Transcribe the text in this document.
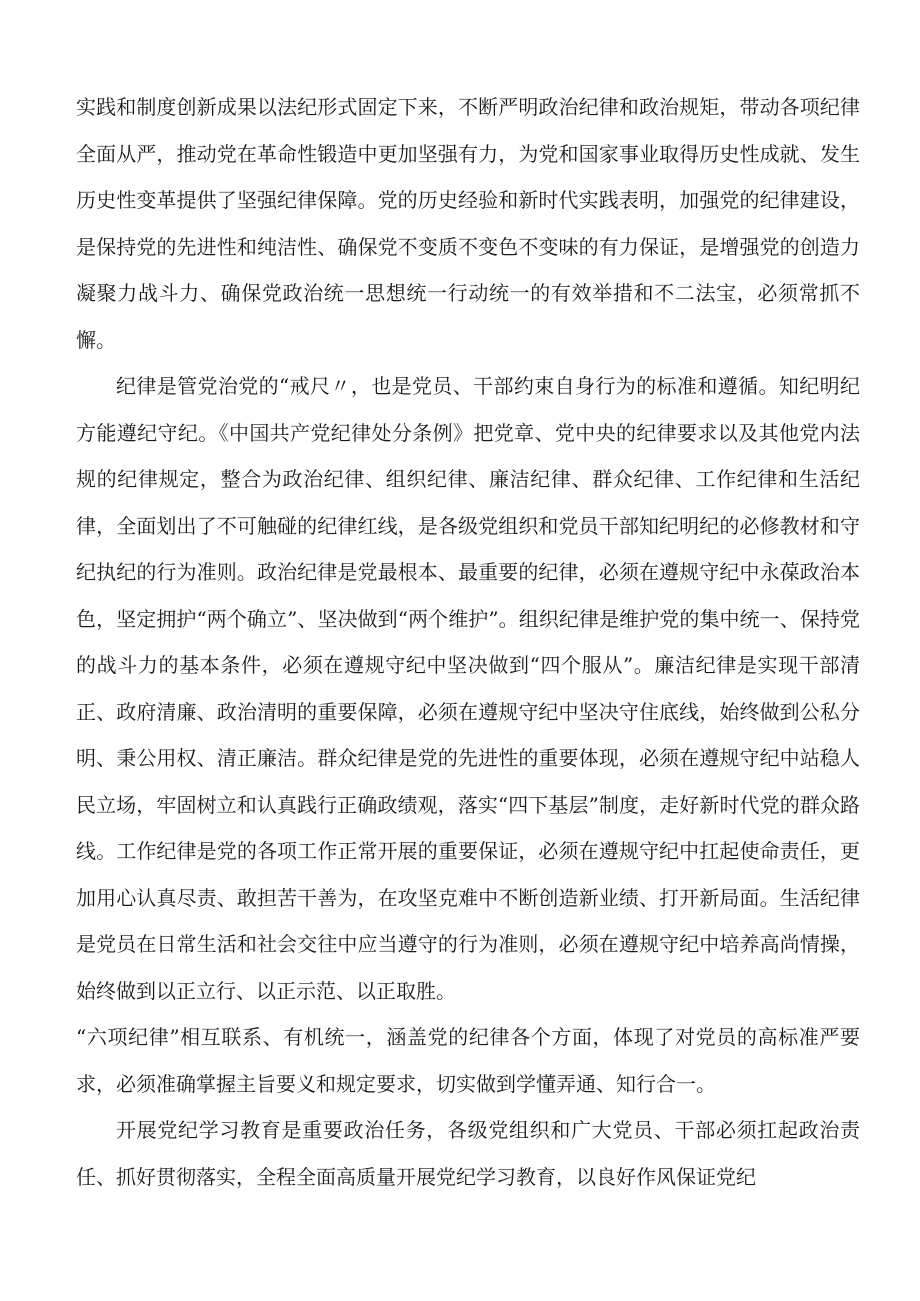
实践和制度创新成果以法纪形式固定下来，不断严明政治纪律和政治规矩，带动各项纪律全面从严，推动党在革命性锻造中更加坚强有力，为党和国家事业取得历史性成就、发生历史性变革提供了坚强纪律保障。党的历史经验和新时代实践表明，加强党的纪律建设，是保持党的先进性和纯洁性、确保党不变质不变色不变味的有力保证，是增强党的创造力凝聚力战斗力、确保党政治统一思想统一行动统一的有效举措和不二法宝，必须常抓不懈。

纪律是管党治党的“戒尺〃，也是党员、干部约束自身行为的标准和遵循。知纪明纪方能遵纪守纪。《中国共产党纪律处分条例》把党章、党中央的纪律要求以及其他党内法规的纪律规定，整合为政治纪律、组织纪律、廉洁纪律、群众纪律、工作纪律和生活纪律，全面划出了不可触碰的纪律红线，是各级党组织和党员干部知纪明纪的必修教材和守纪执纪的行为准则。政治纪律是党最根本、最重要的纪律，必须在遵规守纪中永葆政治本色，坚定拥护“两个确立”、坚决做到“两个维护”。组织纪律是维护党的集中统一、保持党的战斗力的基本条件，必须在遵规守纪中坚决做到“四个服从”。廉洁纪律是实现干部清正、政府清廉、政治清明的重要保障，必须在遵规守纪中坚决守住底线，始终做到公私分明、秉公用权、清正廉洁。群众纪律是党的先进性的重要体现，必须在遵规守纪中站稳人民立场，牢固树立和认真践行正确政绩观，落实“四下基层”制度，走好新时代党的群众路线。工作纪律是党的各项工作正常开展的重要保证，必须在遵规守纪中扛起使命责任，更加用心认真尽责、敢担苦干善为，在攻坚克难中不断创造新业绩、打开新局面。生活纪律是党员在日常生活和社会交往中应当遵守的行为准则，必须在遵规守纪中培养高尚情操，始终做到以正立行、以正示范、以正取胜。

“六项纪律”相互联系、有机统一，涵盖党的纪律各个方面，体现了对党员的高标准严要求，必须准确掌握主旨要义和规定要求，切实做到学懂弄通、知行合一。

开展党纪学习教育是重要政治任务，各级党组织和广大党员、干部必须扛起政治责任、抓好贯彻落实，全程全面高质量开展党纪学习教育，以良好作风保证党纪
